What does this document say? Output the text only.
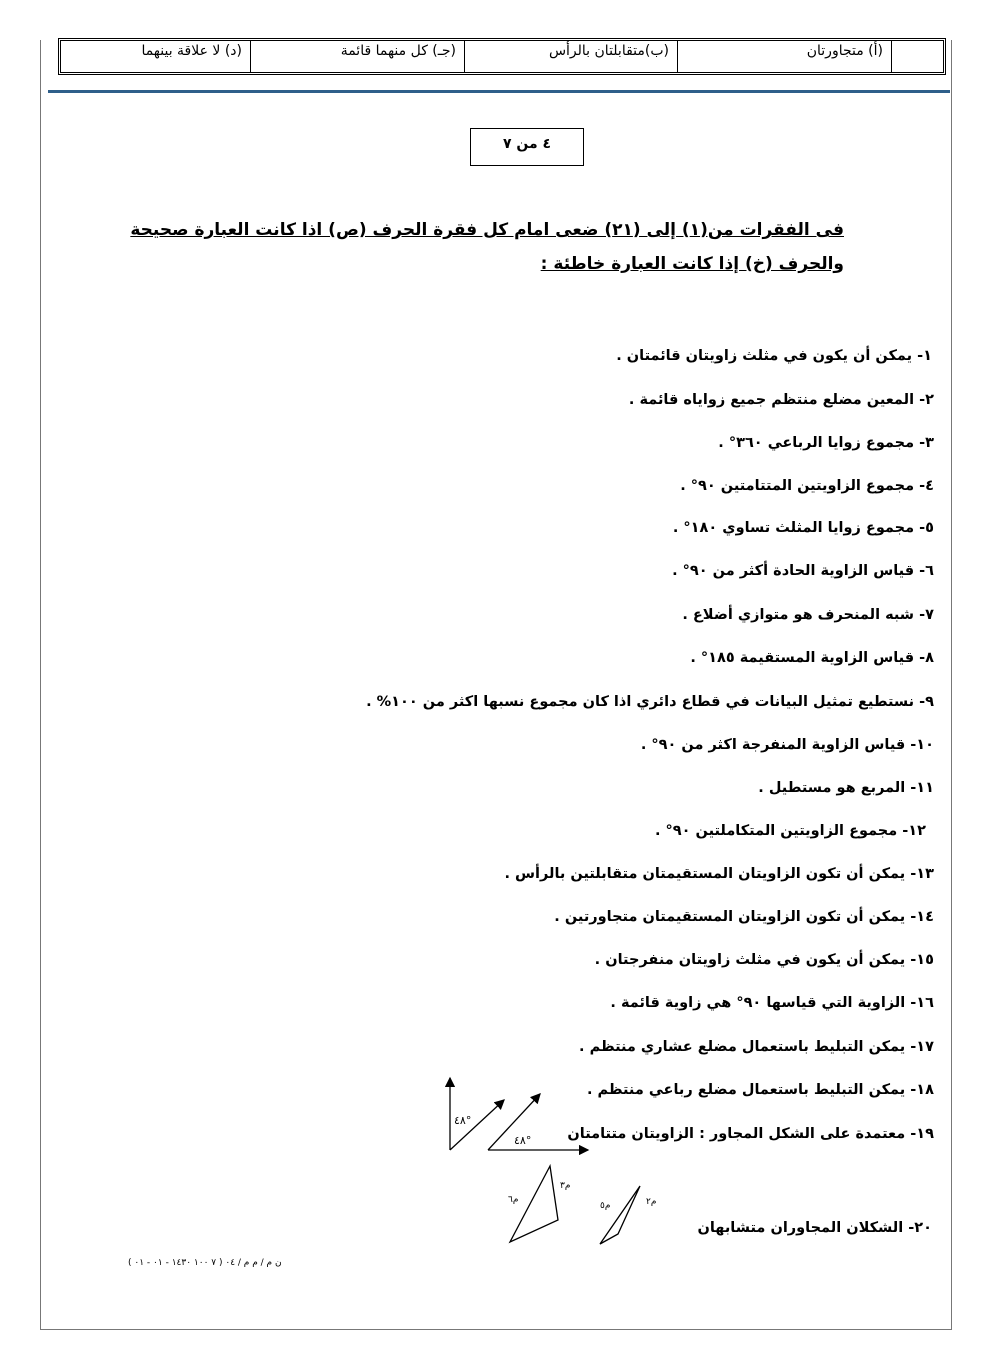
(أ) متجاورتان
(ب)متقابلتان بالرأس
(جـ) كل منهما قائمة
(د) لا علاقة بينهما
٤ من ٧
فى الفقرات من(١) إلى (٢١) ضعى امام كل فقرة الحرف (ص) اذا كانت العبارة صحيحة
والحرف (خ) إذا كانت العبارة خاطئة :
١- يمكن أن يكون في مثلث زاويتان قائمتان .
٢- المعين مضلع منتظم جميع زواياه قائمة .
٣- مجموع زوايا الرباعي ٣٦٠° .
٤- مجموع الزاويتين المتتامتين ٩٠° .
٥- مجموع زوايا المثلث تساوي ١٨٠° .
٦- قياس الزاوية الحادة أكثر من ٩٠° .
٧- شبه المنحرف هو متوازي أضلاع .
٨- قياس الزاوية المستقيمة ١٨٥° .
٩- نستطيع تمثيل البيانات في قطاع دائري اذا كان مجموع نسبها اكثر من ١٠٠% .
١٠- قياس الزاوية المنفرجة اكثر من ٩٠° .
١١- المربع هو مستطيل .
١٢- مجموع الزاويتين المتكاملتين ٩٠° .
١٣- يمكن أن تكون الزاويتان المستقيمتان متقابلتين بالرأس .
١٤- يمكن أن تكون الزاويتان المستقيمتان متجاورتين .
١٥- يمكن أن يكون في مثلث زاويتان منفرجتان .
١٦- الزاوية التي قياسها ٩٠° هي زاوية قائمة .
١٧- يمكن التبليط باستعمال مضلع عشاري منتظم .
١٨- يمكن التبليط باستعمال مضلع رباعي منتظم .
١٩- معتمدة على الشكل المجاور : الزاويتان متتامتان
٢٠- الشكلان المجاوران متشابهان
٤٨°
٤٨°
م٣
م٦	م٢
م٥
ن م / م م / ٠٤ ( ٧ ١٠٠ ١٤٣٠ - ٠١ - ٠١ )
